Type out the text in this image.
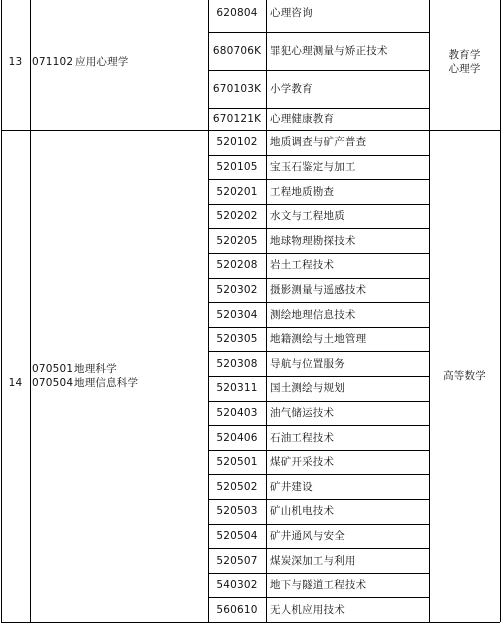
620804 心理咨询
680706K 罪犯心理测量与矫正技术
670103K 小学教育
670121K 心理健康教育
13 071102 应用心理学
教育学
心理学
520102 地质调查与矿产普查
520105 宝玉石鉴定与加工
520201 工程地质勘查
520202 水文与工程地质
520205 地球物理勘探技术
520208 岩土工程技术
520302 摄影测量与遥感技术
520304 测绘地理信息技术
520305 地籍测绘与土地管理
520308 导航与位置服务
520311 国土测绘与规划
520403 油气储运技术
520406 石油工程技术
520501 煤矿开采技术
520502 矿井建设
520503 矿山机电技术
520504 矿井通风与安全
520507 煤炭深加工与利用
540302 地下与隧道工程技术
560610 无人机应用技术
14
070501 地理科学
070504 地理信息科学
高等数学
